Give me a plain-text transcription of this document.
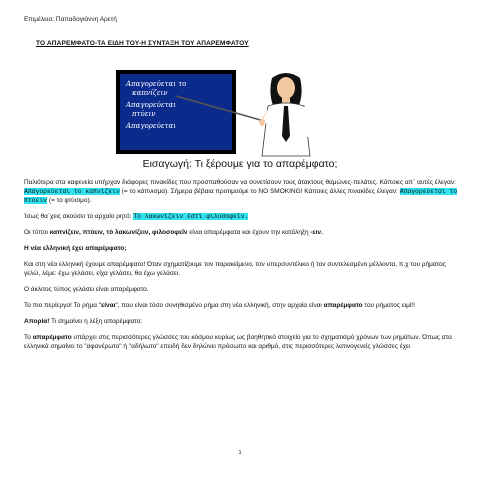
Επιμέλεια: Παπαδογιάννη Αρετή
ΤΟ ΑΠΑΡΕΜΦΑΤΟ-ΤΑ ΕΙΔΗ ΤΟΥ-Η ΣΥΝΤΑΞΗ ΤΟΥ ΑΠΑΡΕΜΦΑΤΟΥ
Απαγορεύεται το
καπνίζειν
Απαγορεύεται
πτύειν
Απαγορεύεται
Εισαγωγή: Τι ξέρουμε για το απαρέμφατο;

Παλιότερα στα καφενεία υπήρχαν διάφορες πινακίδες που προσπαθούσαν να συνετίσουν τους άτακτους θαμώνες-πελάτες. Κάποιες απ΄ αυτές έλεγαν: Απαγορεύεται το καπνίζειν (= το κάπνισμα). Σήμερα βέβαια προτιμούμε το NO SMOKING! Κάποιες άλλες πινακίδες έλεγαν: Απαγορεύεται το πτύειν (= το φτύσιμο).

Ίσως θα΄χεις ακούσει το αρχαίο ρητό: Τὸ λακωνίζειν ἐστὶ φιλοσοφεῖν.

Οι τύποι καπνίζειν, πτύειν, τὸ λακωνίζειν, φιλοσοφεῖν είναι απαρέμφατα και έχουν την κατάληξη -ειν.

Η νέα ελληνική έχει απαρέμφατο;

Και στη νέα ελληνική έχουμε απαρέμφατο! Όταν σχηματίζουμε τον παρακείμενο, τον υπερσυντέλικο ή τον συντελεσμένο μέλλοντα, π.χ του ρήματος γελώ, λέμε: έχω γελάσει, είχα γελάσει, θα έχω γελάσει.

Ο άκλιτος τύπος γελάσει είναι απαρέμφατο.

Το πιο περίεργο! Το ρήμα "είναι", που είναι τόσο συνηθισμένο ρήμα στη νέα ελληνική, στην αρχαία είναι απαρέμφατο του ρήματος ειμί!!

Απορία! Τι σημαίνει η λέξη απαρέμφατο;

Το απαρέμφατο υπάρχει στις περισσότερες γλώσσες του κόσμου κυρίως ως βοηθητικό στοιχείο για το σχηματισμό χρόνων των ρημάτων. Όπως στα ελληνικά σημαίνει το "αφανέρωτο" ή "αδήλωτο" επειδή δεν δηλώνει πρόσωπο και αριθμό, στις περισσότερες λατινογενείς γλώσσες έχει

1
